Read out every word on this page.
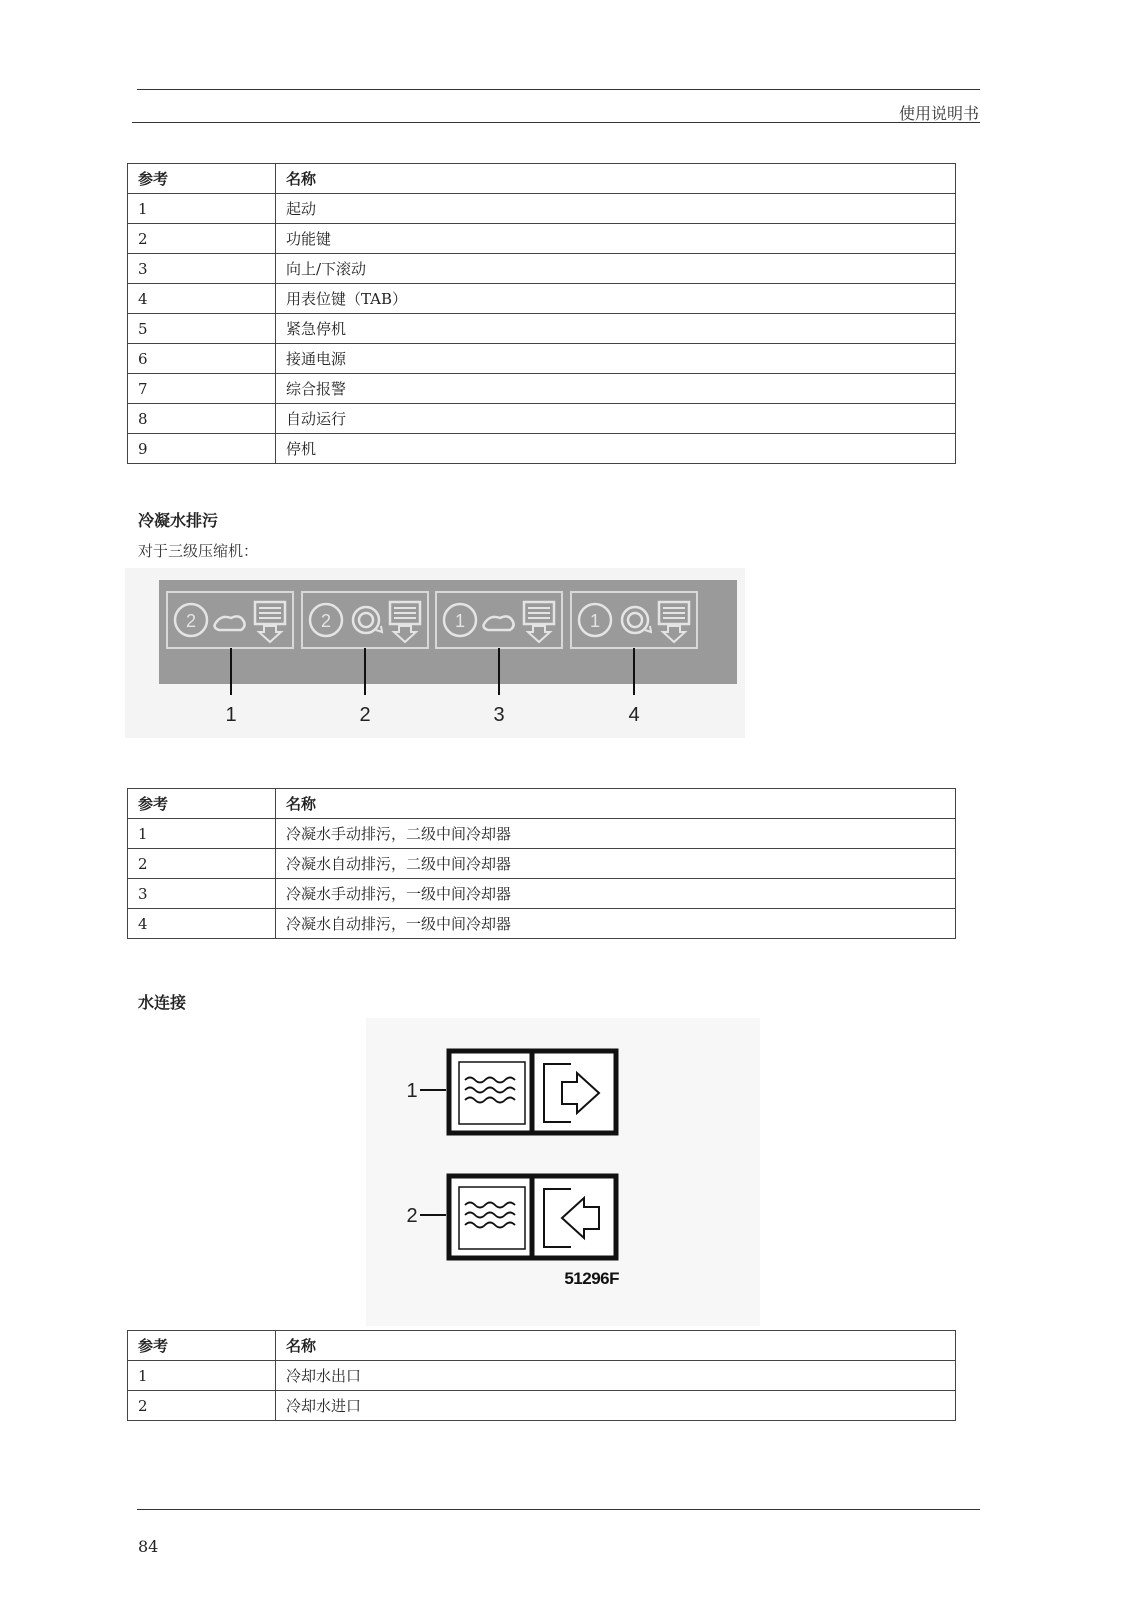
使用说明书
参考	名称
1	起动
2	功能键
3	向上/下滚动
4	用表位键（TAB）
5	紧急停机
6	接通电源
7	综合报警
8	自动运行
9	停机
冷凝水排污
对于三级压缩机：
2	2	1	1
1	2	3	4
参考	名称
1	冷凝水手动排污，二级中间冷却器
2	冷凝水自动排污，二级中间冷却器
3	冷凝水手动排污，一级中间冷却器
4	冷凝水自动排污，一级中间冷却器
水连接
1
2
51296F
参考	名称
1	冷却水出口
2	冷却水进口
84
